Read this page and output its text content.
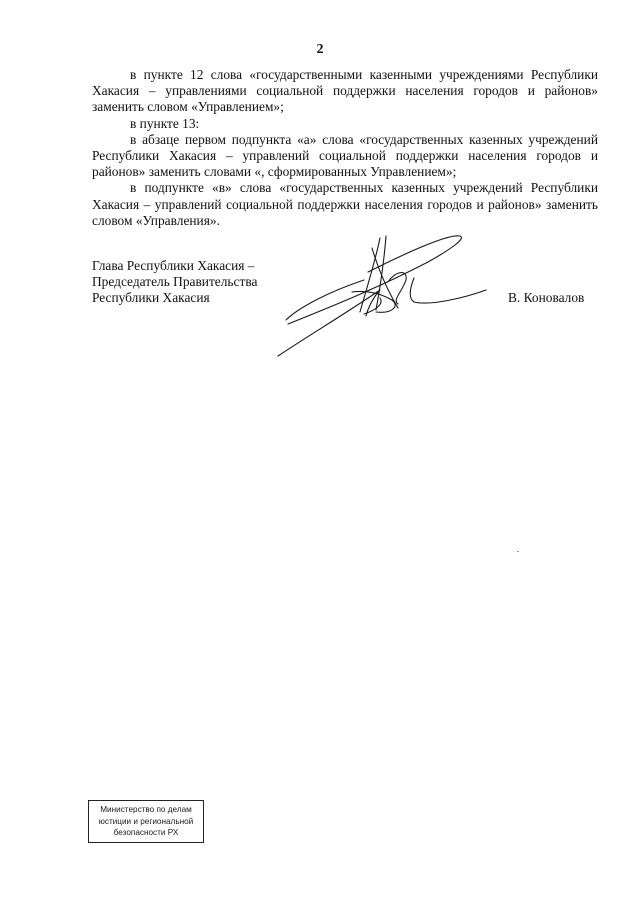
2

в пункте 12 слова «государственными казенными учреждениями Республики Хакасия – управлениями социальной поддержки населения городов и районов» заменить словом «Управлением»;

в пункте 13:

в абзаце первом подпункта «а» слова «государственных казенных учреждений Республики Хакасия – управлений социальной поддержки населения городов и районов» заменить словами «, сформированных Управлением»;

в подпункте «в» слова «государственных казенных учреждений Республики Хакасия – управлений социальной поддержки населения городов и районов» заменить словом «Управления».

Глава Республики Хакасия –
Председатель Правительства
Республики Хакасия	В. Коновалов
Министерство по делам
юстиции и региональной
безопасности РХ
